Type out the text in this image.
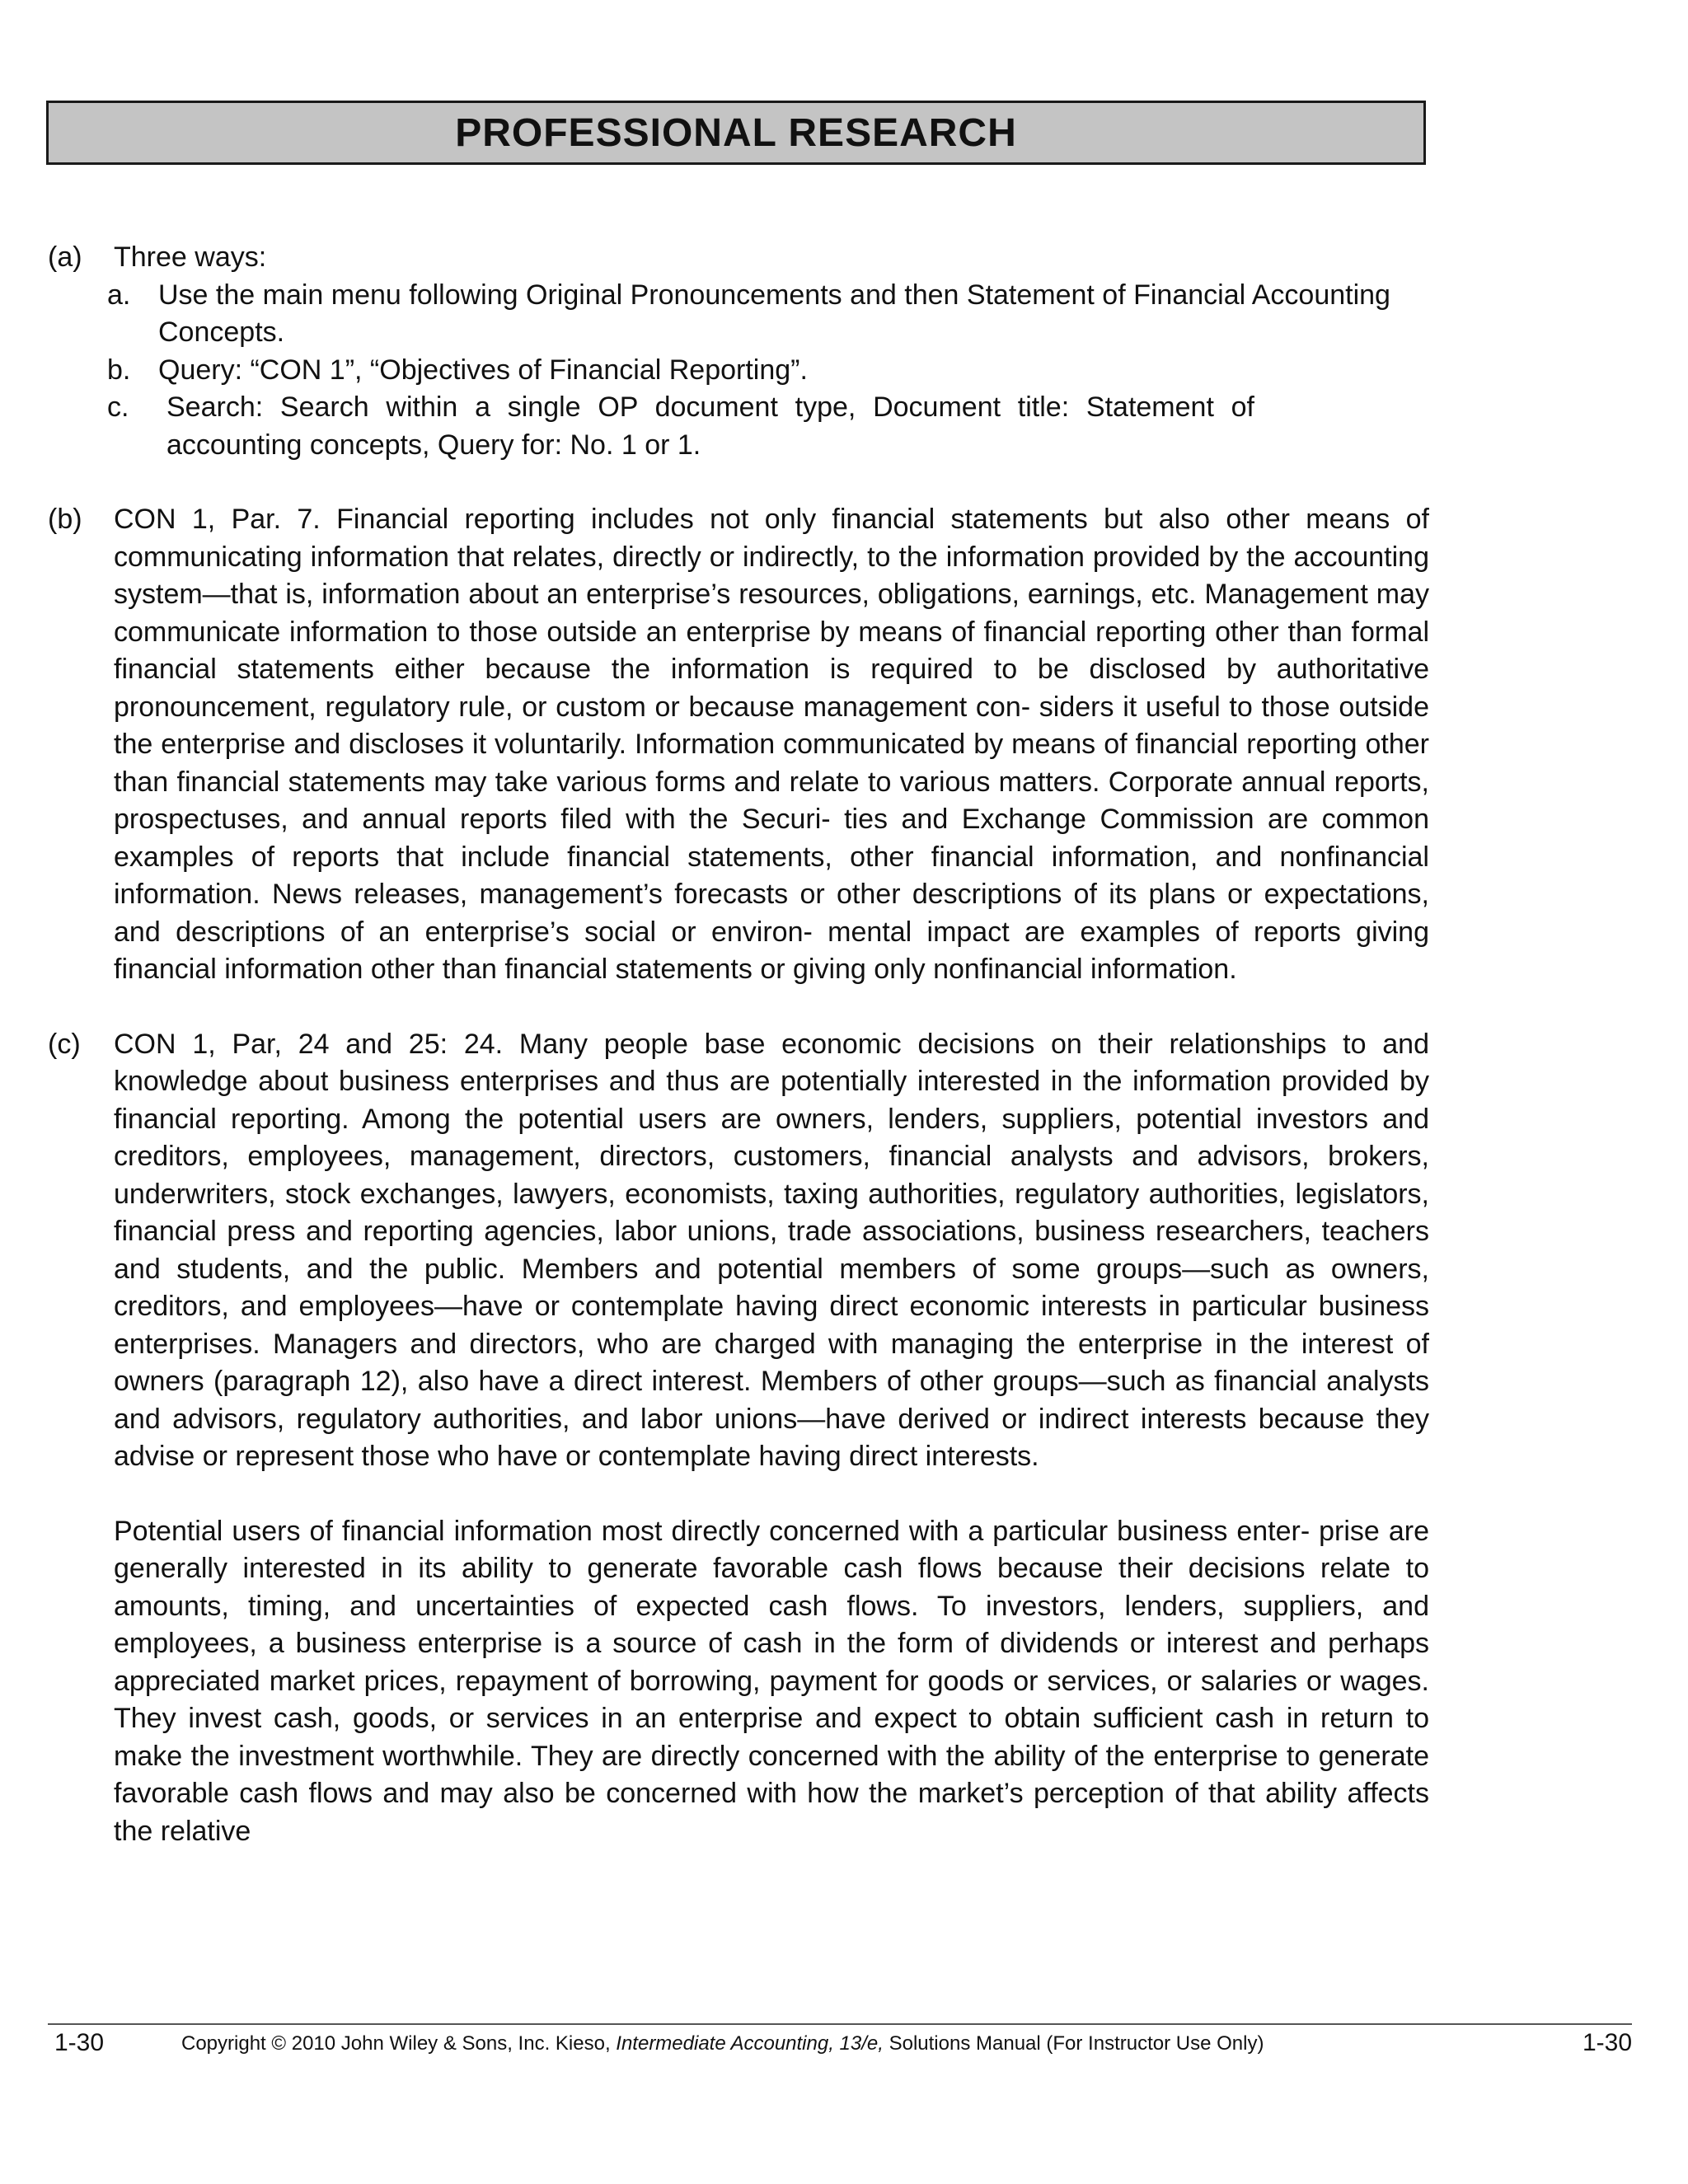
PROFESSIONAL RESEARCH
(a) Three ways:
a. Use the main menu following Original Pronouncements and then Statement of Financial Accounting Concepts.
b. Query: “CON 1”, “Objectives of Financial Reporting”.
c. Search: Search within a single OP document type, Document title: Statement of accounting concepts, Query for: No. 1 or 1.
(b) CON 1, Par. 7. Financial reporting includes not only financial statements but also other means of communicating information that relates, directly or indirectly, to the information provided by the accounting system—that is, information about an enterprise’s resources, obligations, earnings, etc. Management may communicate information to those outside an enterprise by means of financial reporting other than formal financial statements either because the information is required to be disclosed by authoritative pronouncement, regulatory rule, or custom or because management con- siders it useful to those outside the enterprise and discloses it voluntarily. Information communicated by means of financial reporting other than financial statements may take various forms and relate to various matters. Corporate annual reports, prospectuses, and annual reports filed with the Securi- ties and Exchange Commission are common examples of reports that include financial statements, other financial information, and nonfinancial information. News releases, management’s forecasts or other descriptions of its plans or expectations, and descriptions of an enterprise’s social or environ- mental impact are examples of reports giving financial information other than financial statements or giving only nonfinancial information.

(c) CON 1, Par, 24 and 25: 24. Many people base economic decisions on their relationships to and knowledge about business enterprises and thus are potentially interested in the information provided by financial reporting. Among the potential users are owners, lenders, suppliers, potential investors and creditors, employees, management, directors, customers, financial analysts and advisors, brokers, underwriters, stock exchanges, lawyers, economists, taxing authorities, regulatory authorities, legislators, financial press and reporting agencies, labor unions, trade associations, business researchers, teachers and students, and the public. Members and potential members of some groups—such as owners, creditors, and employees—have or contemplate having direct economic interests in particular business enterprises. Managers and directors, who are charged with managing the enterprise in the interest of owners (paragraph 12), also have a direct interest. Members of other groups—such as financial analysts and advisors, regulatory authorities, and labor unions—have derived or indirect interests because they advise or represent those who have or contemplate having direct interests.

Potential users of financial information most directly concerned with a particular business enter- prise are generally interested in its ability to generate favorable cash flows because their decisions relate to amounts, timing, and uncertainties of expected cash flows. To investors, lenders, suppliers, and employees, a business enterprise is a source of cash in the form of dividends or interest and perhaps appreciated market prices, repayment of borrowing, payment for goods or services, or salaries or wages. They invest cash, goods, or services in an enterprise and expect to obtain sufficient cash in return to make the investment worthwhile. They are directly concerned with the ability of the enterprise to generate favorable cash flows and may also be concerned with how the market’s perception of that ability affects the relative

1-30	Copyright © 2010 John Wiley & Sons, Inc. Kieso, Intermediate Accounting, 13/e, Solutions Manual (For Instructor Use Only)	1-30
